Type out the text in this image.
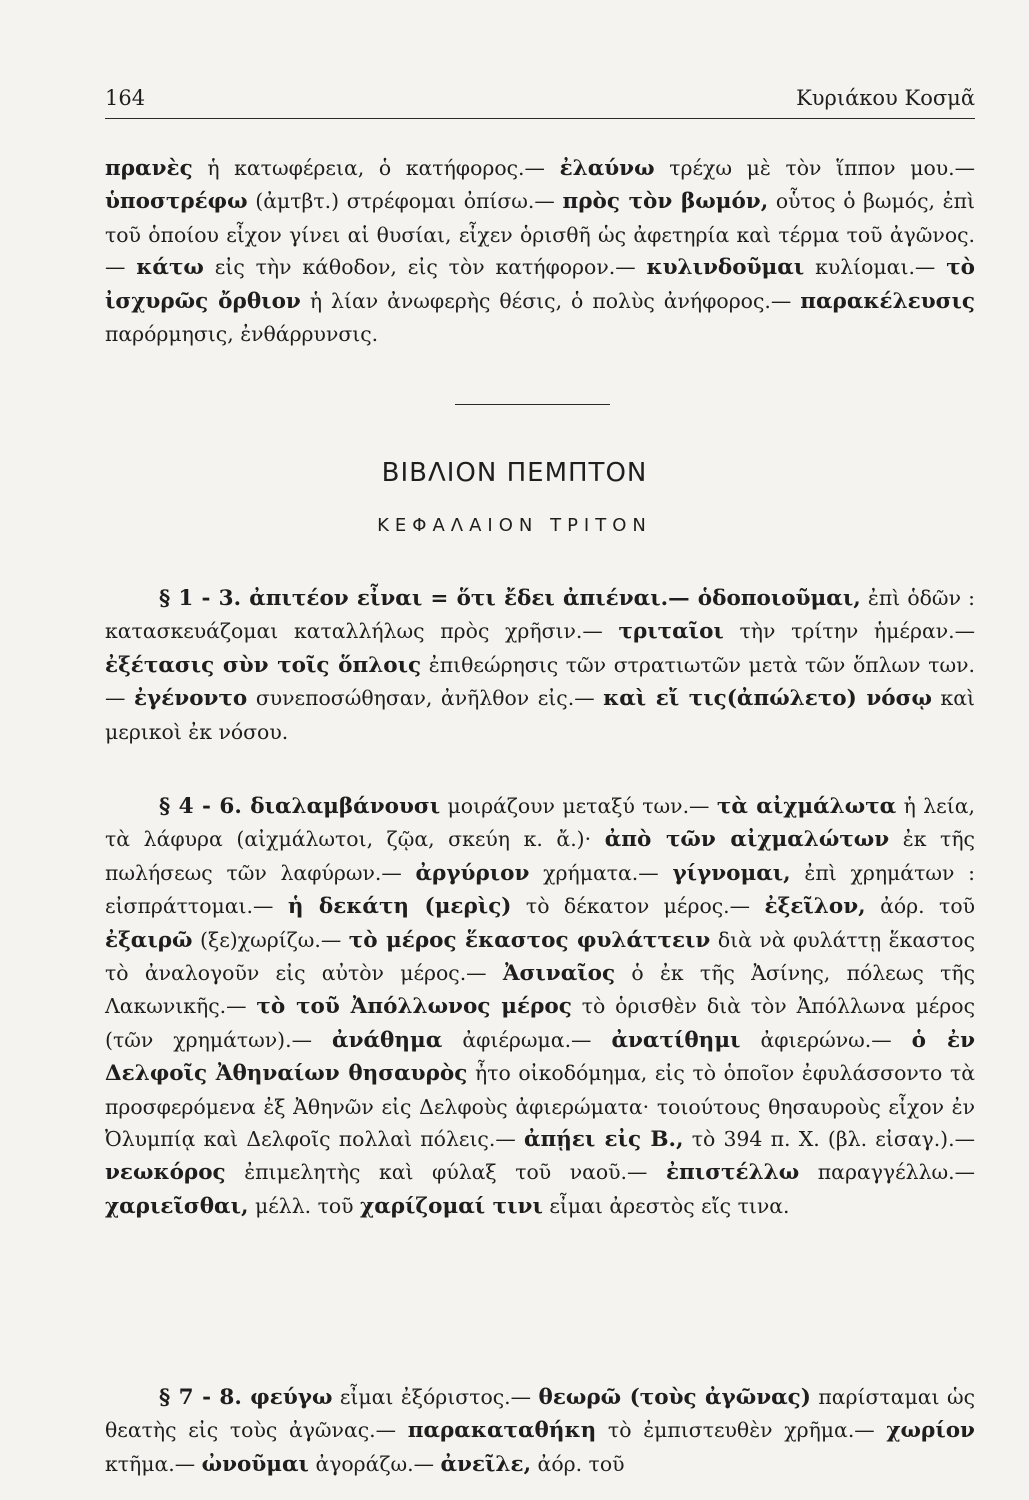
164	Κυριάκου Κοσμᾶ

πρανὲς ἡ κατωφέρεια, ὁ κατήφορος.— ἐλαύνω τρέχω μὲ τὸν ἵππον μου.— ὑποστρέφω (ἀμτβτ.) στρέφομαι ὀπίσω.— πρὸς τὸν βωμόν, οὗτος ὁ βωμός, ἐπὶ τοῦ ὁποίου εἶχον γίνει αἱ θυσίαι, εἶχεν ὁρισθῆ ὡς ἀφετηρία καὶ τέρμα τοῦ ἀγῶνος.— κάτω εἰς τὴν κάθοδον, εἰς τὸν κατήφορον.— κυλινδοῦμαι κυλίομαι.— τὸ ἰσχυρῶς ὄρθιον ἡ λίαν ἀνωφερὴς θέσις, ὁ πολὺς ἀνήφορος.— παρακέλευσις παρόρμησις, ἐνθάρρυνσις.

ΒΙΒΛΙΟΝ ΠΕΜΠΤΟΝ
ΚΕΦΑΛΑΙΟΝ ΤΡΙΤΟΝ

§ 1 - 3. ἀπιτέον εἶναι = ὅτι ἔδει ἀπιέναι.— ὁδοποιοῦμαι, ἐπὶ ὁδῶν : κατασκευάζομαι καταλλήλως πρὸς χρῆσιν.— τριταῖοι τὴν τρίτην ἡμέραν.— ἐξέτασις σὺν τοῖς ὅπλοις ἐπιθεώρησις τῶν στρατιωτῶν μετὰ τῶν ὅπλων των.— ἐγένοντο συνεποσώθησαν, ἀνῆλθον εἰς.— καὶ εἴ τις(ἀπώλετο) νόσῳ καὶ μερικοὶ ἐκ νόσου.

§ 4 - 6. διαλαμβάνουσι μοιράζουν μεταξύ των.— τὰ αἰχμάλωτα ἡ λεία, τὰ λάφυρα (αἰχμάλωτοι, ζῷα, σκεύη κ. ἄ.)· ἀπὸ τῶν αἰχμαλώτων ἐκ τῆς πωλήσεως τῶν λαφύρων.— ἀργύριον χρήματα.— γίγνομαι, ἐπὶ χρημάτων : εἰσπράττομαι.— ἡ δεκάτη (μερὶς) τὸ δέκατον μέρος.— ἐξεῖλον, ἀόρ. τοῦ ἐξαιρῶ (ξε)χωρίζω.— τὸ μέρος ἕκαστος φυλάττειν διὰ νὰ φυλάττῃ ἕκαστος τὸ ἀναλογοῦν εἰς αὐτὸν μέρος.— Ἀσιναῖος ὁ ἐκ τῆς Ἀσίνης, πόλεως τῆς Λακωνικῆς.— τὸ τοῦ Ἀπόλλωνος μέρος τὸ ὁρισθὲν διὰ τὸν Ἀπόλλωνα μέρος (τῶν χρημάτων).— ἀνάθημα ἀφιέρωμα.— ἀνατίθημι ἀφιερώνω.— ὁ ἐν Δελφοῖς Ἀθηναίων θησαυρὸς ἦτο οἰκοδόμημα, εἰς τὸ ὁποῖον ἐφυλάσσοντο τὰ προσφερόμενα ἐξ Ἀθηνῶν εἰς Δελφοὺς ἀφιερώματα· τοιούτους θησαυροὺς εἶχον ἐν Ὀλυμπίᾳ καὶ Δελφοῖς πολλαὶ πόλεις.— ἀπῄει εἰς Β., τὸ 394 π. Χ. (βλ. εἰσαγ.).— νεωκόρος ἐπιμελητὴς καὶ φύλαξ τοῦ ναοῦ.— ἐπιστέλλω παραγγέλλω.— χαριεῖσθαι, μέλλ. τοῦ χαρίζομαί τινι εἶμαι ἀρεστὸς εἴς τινα.

§ 7 - 8. φεύγω εἶμαι ἐξόριστος.— θεωρῶ (τοὺς ἀγῶνας) παρίσταμαι ὡς θεατὴς εἰς τοὺς ἀγῶνας.— παρακαταθήκη τὸ ἐμπιστευθὲν χρῆμα.— χωρίον κτῆμα.— ὠνοῦμαι ἀγοράζω.— ἀνεῖλε, ἀόρ. τοῦ
